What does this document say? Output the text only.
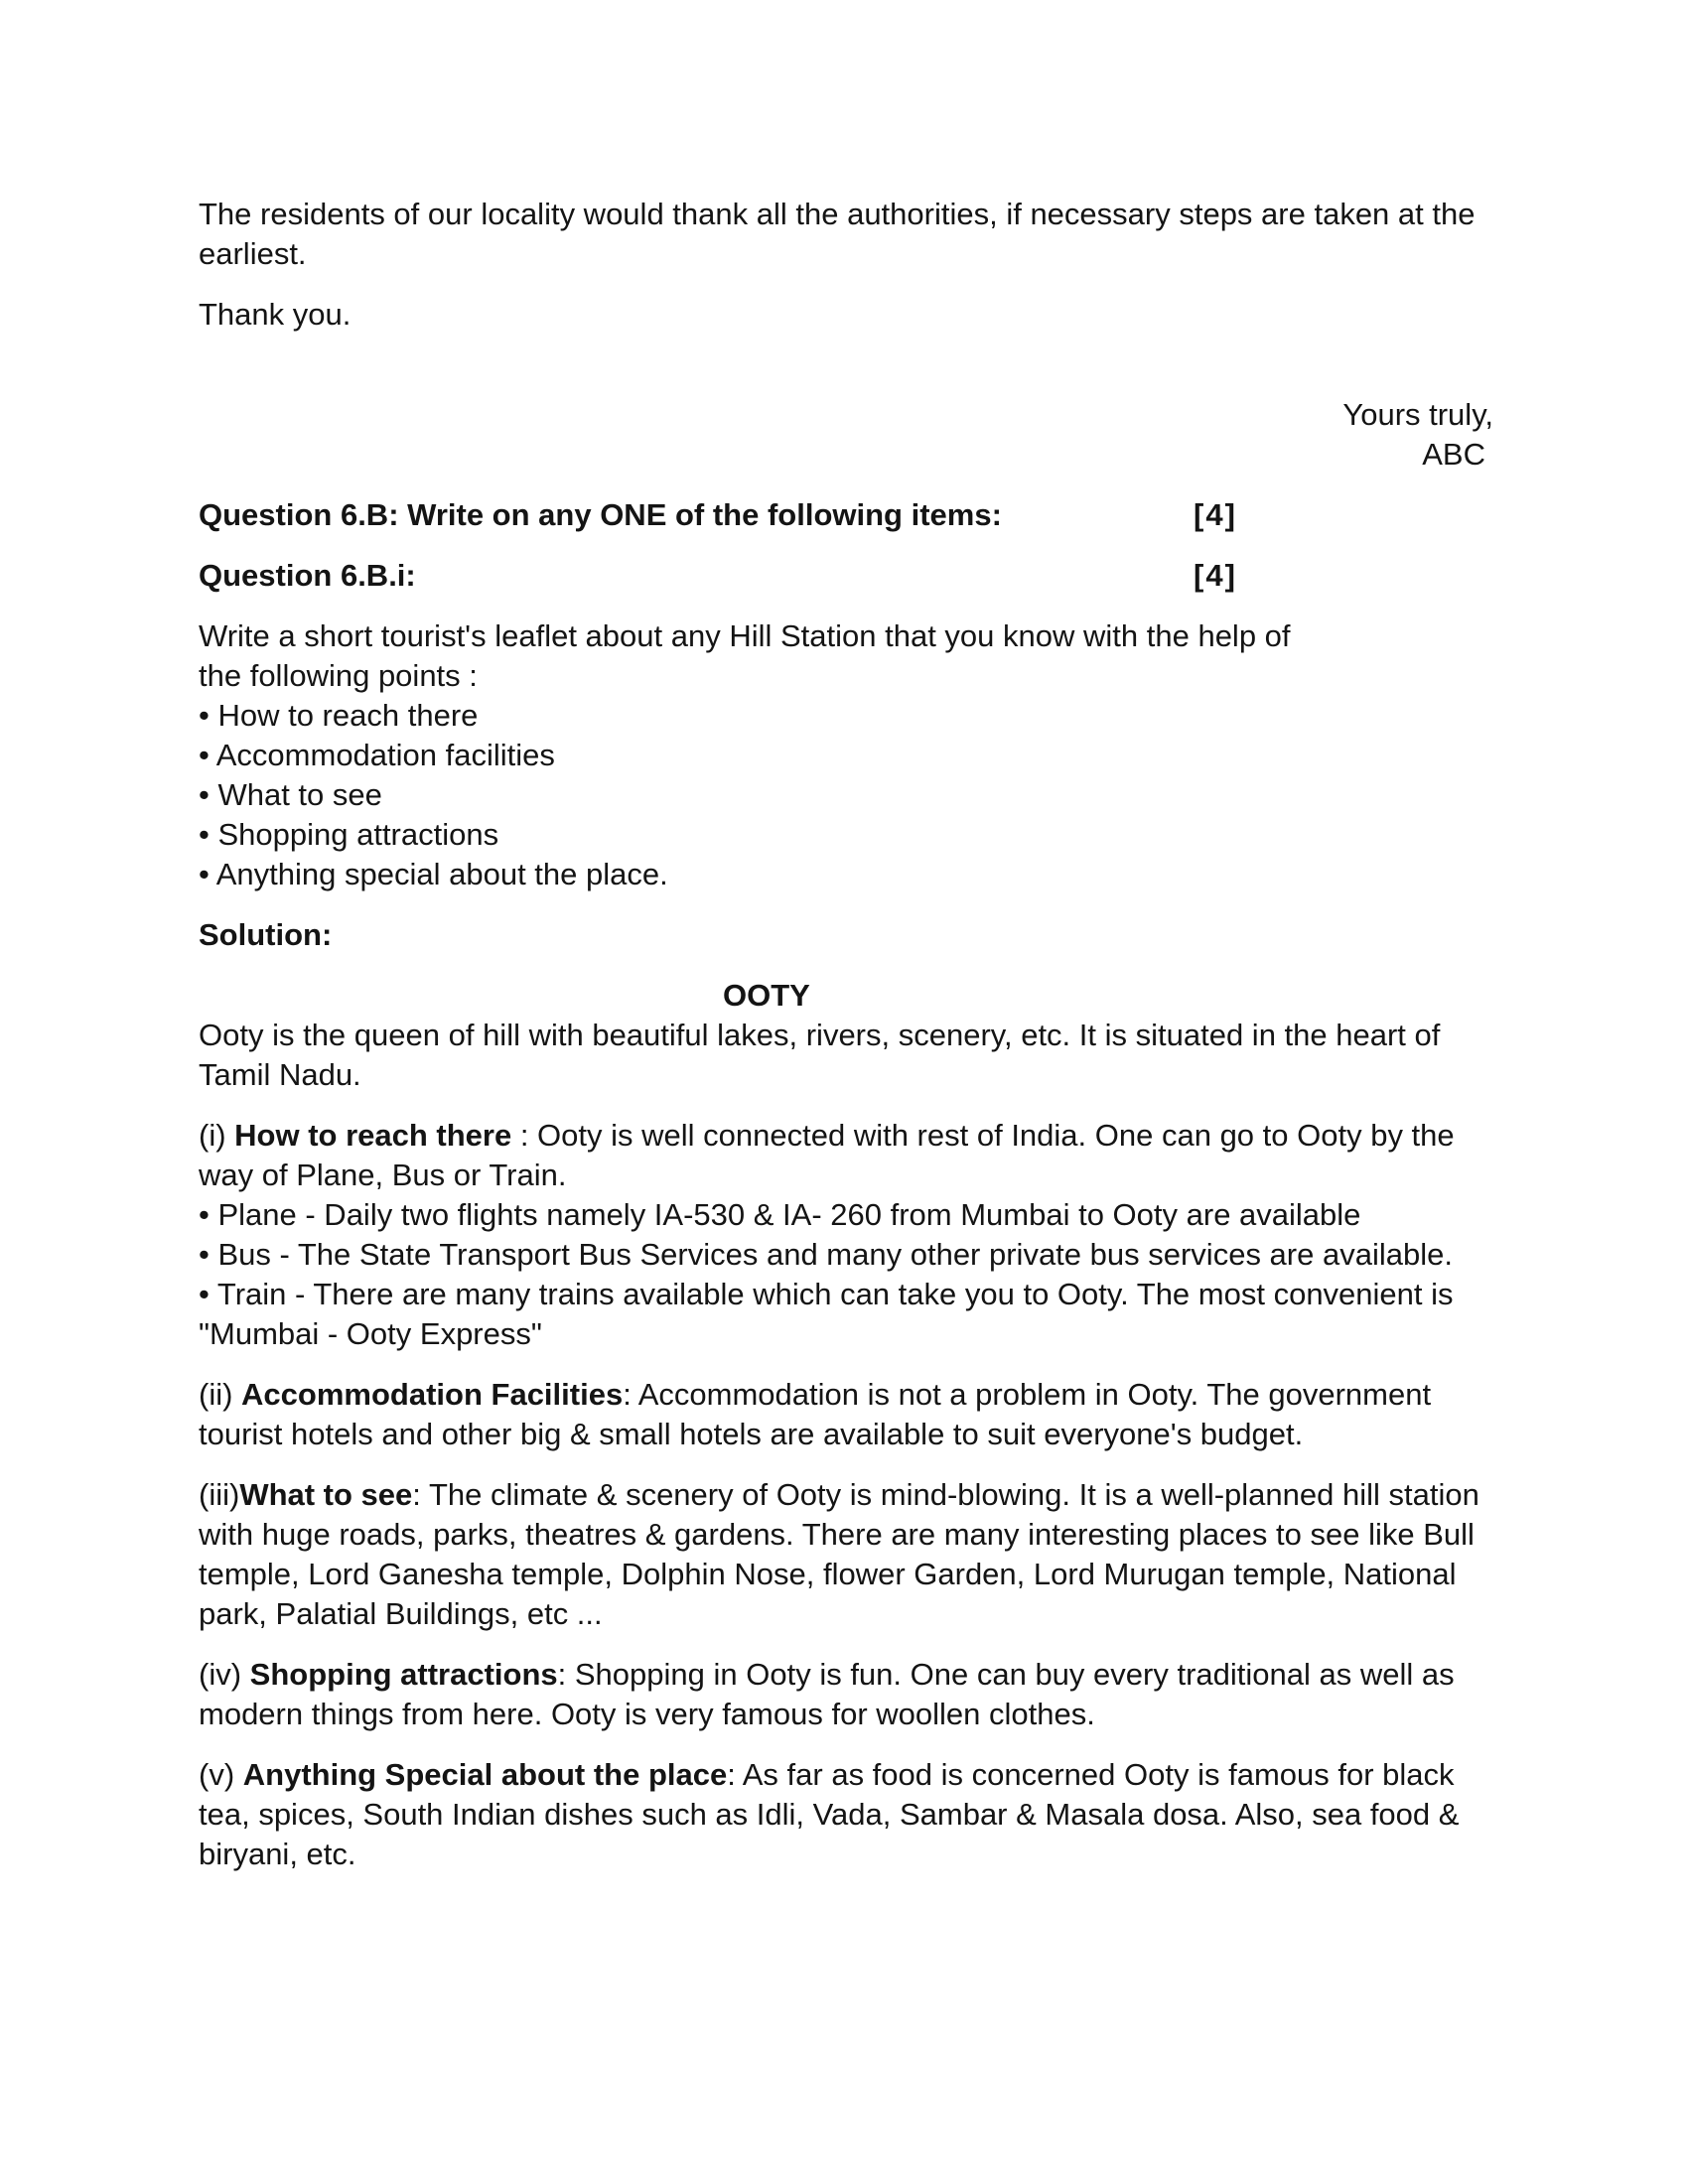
The residents of our locality would thank all the authorities, if necessary steps are taken at the earliest.

Thank you.

Yours truly,
ABC
Question 6.B: Write on any ONE of the following items:	[4]
Question 6.B.i:	[4]
Write a short tourist's leaflet about any Hill Station that you know with the help of
the following points :
• How to reach there
• Accommodation facilities
• What to see
• Shopping attractions
• Anything special about the place.

Solution:

OOTY

Ooty is the queen of hill with beautiful lakes, rivers, scenery, etc. It is situated in the heart of Tamil Nadu.

(i) How to reach there : Ooty is well connected with rest of India. One can go to Ooty by the way of Plane, Bus or Train.
• Plane - Daily two flights namely IA-530 & IA- 260 from Mumbai to Ooty are available
• Bus - The State Transport Bus Services and many other private bus services are available.
• Train - There are many trains available which can take you to Ooty. The most convenient is "Mumbai - Ooty Express"

(ii) Accommodation Facilities: Accommodation is not a problem in Ooty. The government tourist hotels and other big & small hotels are available to suit everyone's budget.

(iii)What to see: The climate & scenery of Ooty is mind-blowing. It is a well-planned hill station with huge roads, parks, theatres & gardens. There are many interesting places to see like Bull temple, Lord Ganesha temple, Dolphin Nose, flower Garden, Lord Murugan temple, National park, Palatial Buildings, etc ...

(iv) Shopping attractions: Shopping in Ooty is fun. One can buy every traditional as well as modern things from here. Ooty is very famous for woollen clothes.

(v) Anything Special about the place: As far as food is concerned Ooty is famous for black tea, spices, South Indian dishes such as Idli, Vada, Sambar & Masala dosa. Also, sea food & biryani, etc.
